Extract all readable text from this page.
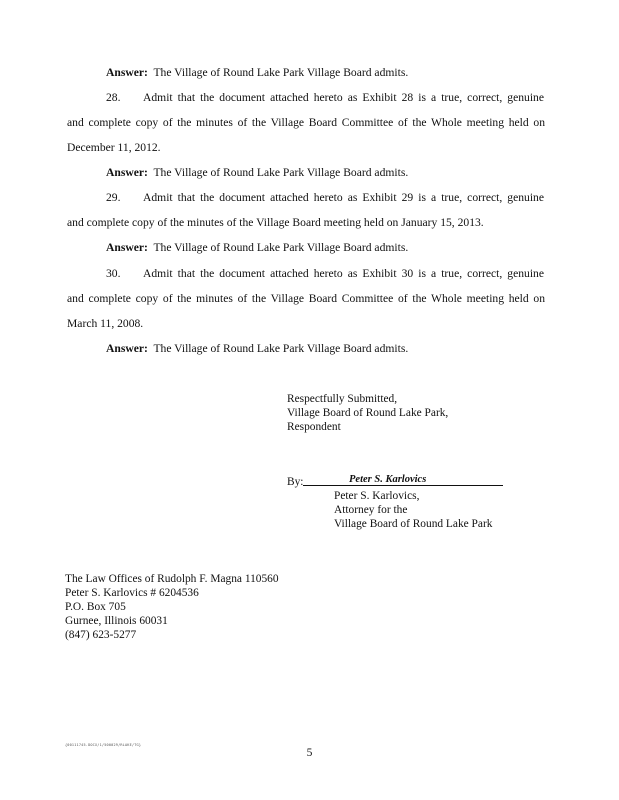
Answer: The Village of Round Lake Park Village Board admits.

28. Admit that the document attached hereto as Exhibit 28 is a true, correct, genuine

and complete copy of the minutes of the Village Board Committee of the Whole meeting held on

December 11, 2012.

Answer: The Village of Round Lake Park Village Board admits.

29. Admit that the document attached hereto as Exhibit 29 is a true, correct, genuine

and complete copy of the minutes of the Village Board meeting held on January 15, 2013.

Answer: The Village of Round Lake Park Village Board admits.

30. Admit that the document attached hereto as Exhibit 30 is a true, correct, genuine

and complete copy of the minutes of the Village Board Committee of the Whole meeting held on

March 11, 2008.

Answer: The Village of Round Lake Park Village Board admits.

Respectfully Submitted,
Village Board of Round Lake Park,
Respondent
By:	Peter S. Karlovics
Peter S. Karlovics,
Attorney for the
Village Board of Round Lake Park
The Law Offices of Rudolph F. Magna 110560
Peter S. Karlovics # 6204536
P.O. Box 705
Gurnee, Illinois 60031
(847) 623-5277
{00111745.DOCX/1/500029/RLAKE/TG}
5
